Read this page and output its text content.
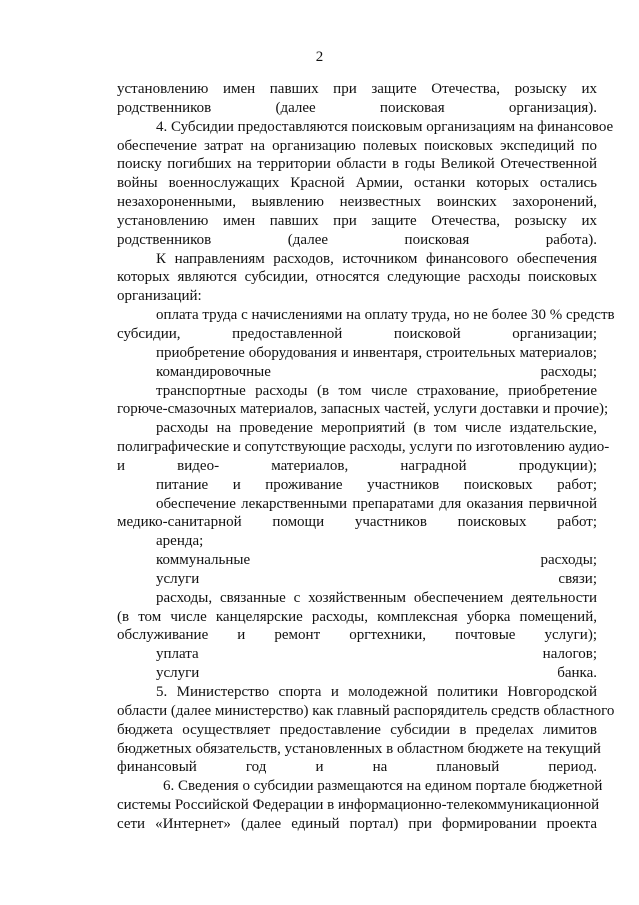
2
установлению имен павших при защите Отечества, розыску их
родственников (далее поисковая организация).
4. Субсидии предоставляются поисковым организациям на финансовое
обеспечение затрат на организацию полевых поисковых экспедиций по
поиску погибших на территории области в годы Великой Отечественной
войны военнослужащих Красной Армии, останки которых остались
незахороненными, выявлению неизвестных воинских захоронений,
установлению имен павших при защите Отечества, розыску их
родственников (далее поисковая работа).
К направлениям расходов, источником финансового обеспечения
которых являются субсидии, относятся следующие расходы поисковых
организаций:
оплата труда с начислениями на оплату труда, но не более 30 % средств
субсидии, предоставленной поисковой организации;
приобретение оборудования и инвентаря, строительных материалов;
командировочные расходы;
транспортные расходы (в том числе страхование, приобретение
горюче-смазочных материалов, запасных частей, услуги доставки и прочие);
расходы на проведение мероприятий (в том числе издательские,
полиграфические и сопутствующие расходы, услуги по изготовлению аудио-
и видео- материалов, наградной продукции);
питание и проживание участников поисковых работ;
обеспечение лекарственными препаратами для оказания первичной
медико-санитарной помощи участников поисковых работ;
аренда;
коммунальные расходы;
услуги связи;
расходы, связанные с хозяйственным обеспечением деятельности
(в том числе канцелярские расходы, комплексная уборка помещений,
обслуживание и ремонт оргтехники, почтовые услуги);
уплата налогов;
услуги банка.
5. Министерство спорта и молодежной политики Новгородской
области (далее министерство) как главный распорядитель средств областного
бюджета осуществляет предоставление субсидии в пределах лимитов
бюджетных обязательств, установленных в областном бюджете на текущий
финансовый год и на плановый период.
6. Сведения о субсидии размещаются на едином портале бюджетной
системы Российской Федерации в информационно-телекоммуникационной
сети «Интернет» (далее единый портал) при формировании проекта
